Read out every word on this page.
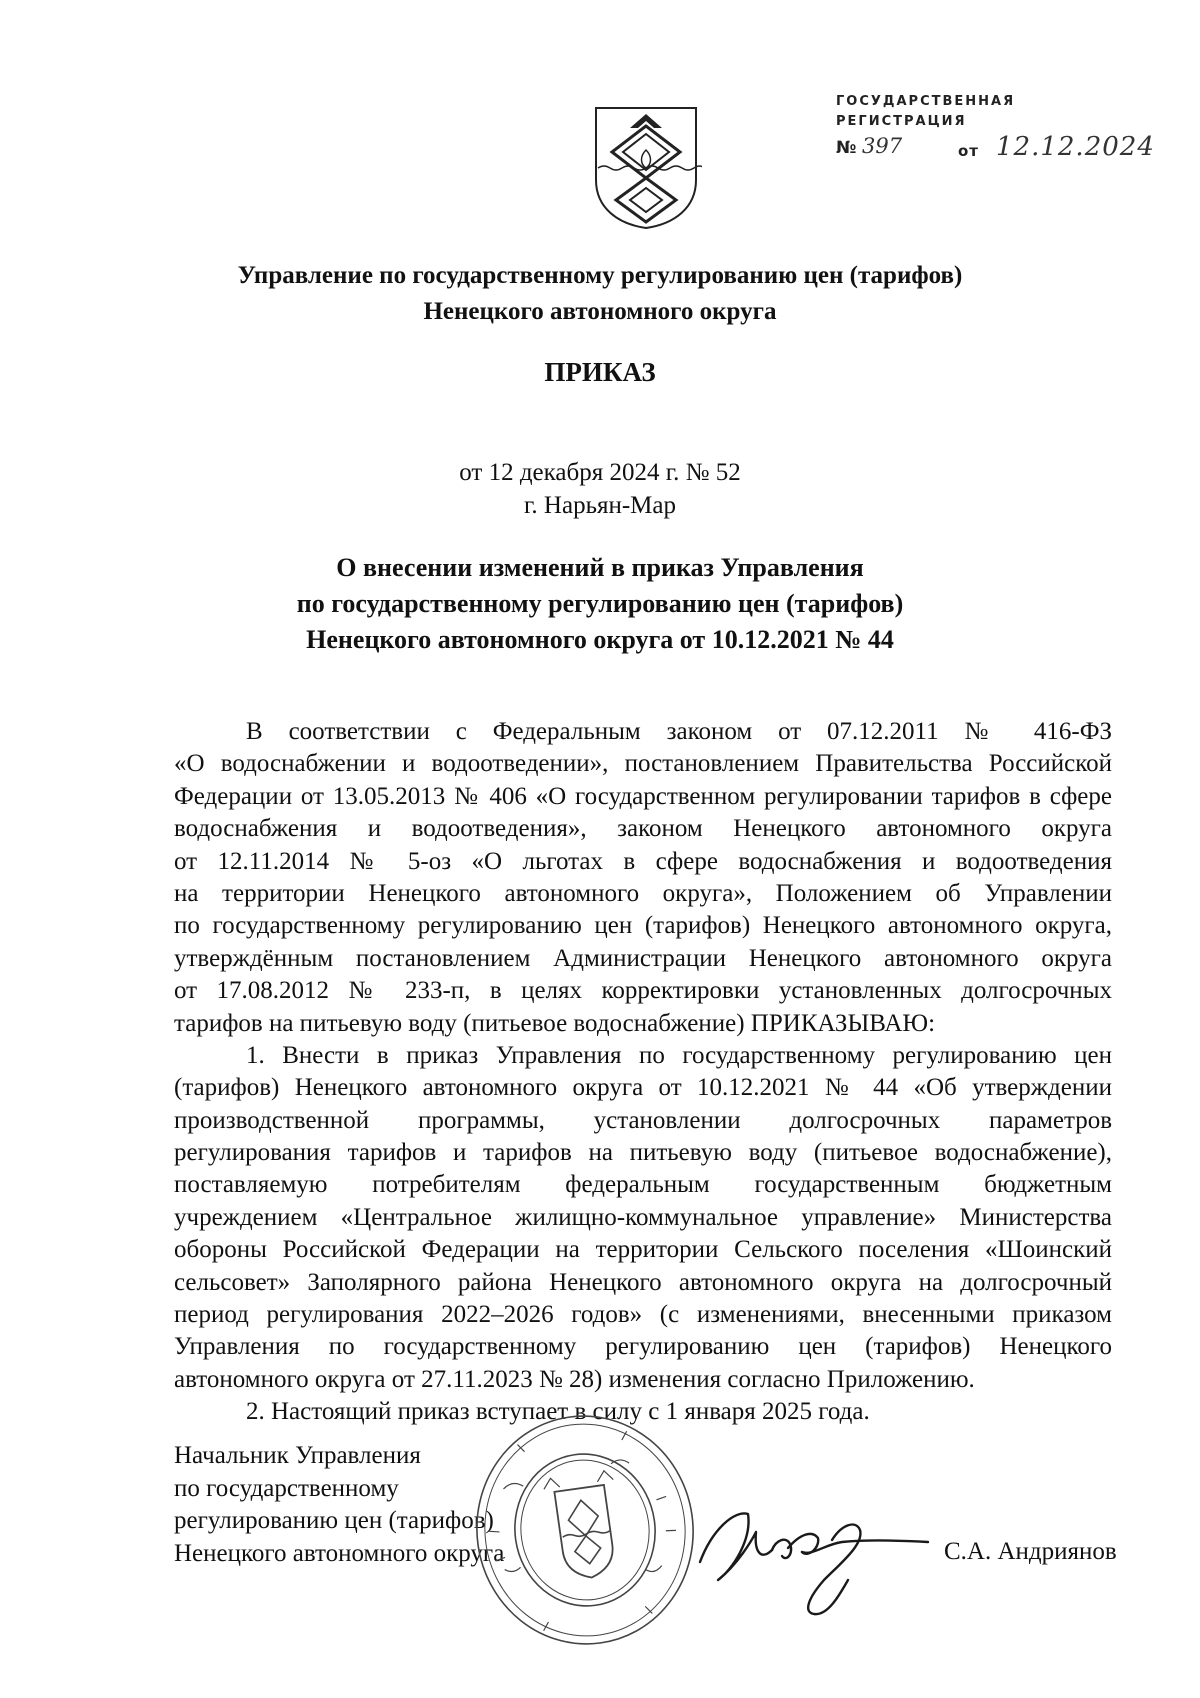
ГОСУДАРСТВЕННАЯ
РЕГИСТРАЦИЯ
№ 397	от 12.12.2024
Управление по государственному регулированию цен (тарифов)
Ненецкого автономного округа
ПРИКАЗ
от 12 декабря 2024 г. № 52
г. Нарьян-Мар
О внесении изменений в приказ Управления
по государственному регулированию цен (тарифов)
Ненецкого автономного округа от 10.12.2021 № 44
В соответствии с Федеральным законом от 07.12.2011 № 416-ФЗ
«О водоснабжении и водоотведении», постановлением Правительства Российской
Федерации от 13.05.2013 № 406 «О государственном регулировании тарифов в сфере
водоснабжения и водоотведения», законом Ненецкого автономного округа
от 12.11.2014 № 5-оз «О льготах в сфере водоснабжения и водоотведения
на территории Ненецкого автономного округа», Положением об Управлении
по государственному регулированию цен (тарифов) Ненецкого автономного округа,
утверждённым постановлением Администрации Ненецкого автономного округа
от 17.08.2012 № 233-п, в целях корректировки установленных долгосрочных
тарифов на питьевую воду (питьевое водоснабжение) ПРИКАЗЫВАЮ:
1. Внести в приказ Управления по государственному регулированию цен
(тарифов) Ненецкого автономного округа от 10.12.2021 № 44 «Об утверждении
производственной программы, установлении долгосрочных параметров
регулирования тарифов и тарифов на питьевую воду (питьевое водоснабжение),
поставляемую потребителям федеральным государственным бюджетным
учреждением «Центральное жилищно-коммунальное управление» Министерства
обороны Российской Федерации на территории Сельского поселения «Шоинский
сельсовет» Заполярного района Ненецкого автономного округа на долгосрочный
период регулирования 2022–2026 годов» (с изменениями, внесенными приказом
Управления по государственному регулированию цен (тарифов) Ненецкого
автономного округа от 27.11.2023 № 28) изменения согласно Приложению.
2. Настоящий приказ вступает в силу с 1 января 2025 года.
Начальник Управления
по государственному
регулированию цен (тарифов)
Ненецкого автономного округа	С.А. Андриянов
